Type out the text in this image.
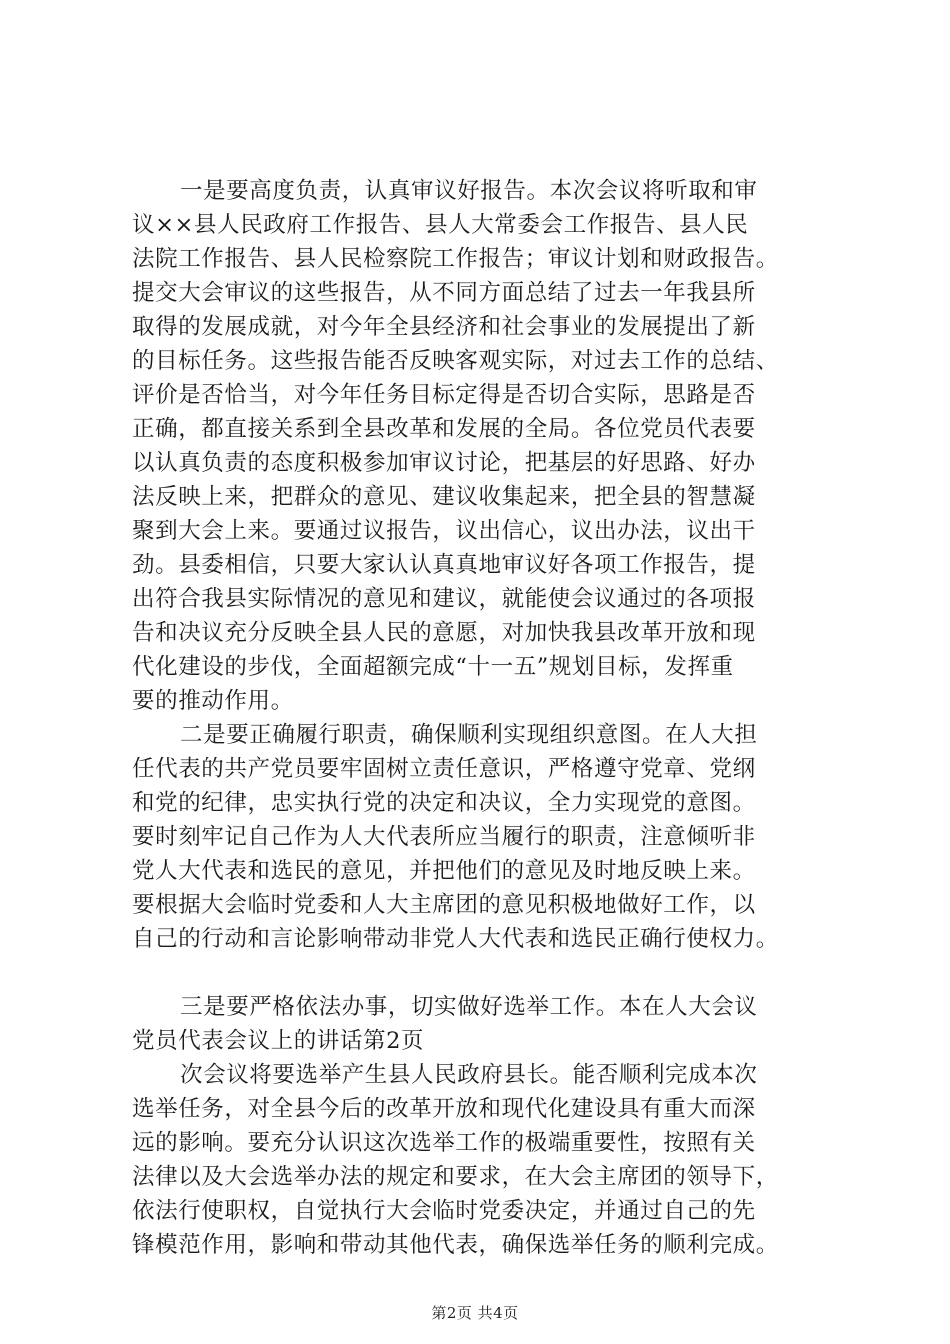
一是要高度负责，认真审议好报告。本次会议将听取和审
议××县人民政府工作报告、县人大常委会工作报告、县人民
法院工作报告、县人民检察院工作报告；审议计划和财政报告。
提交大会审议的这些报告，从不同方面总结了过去一年我县所
取得的发展成就，对今年全县经济和社会事业的发展提出了新
的目标任务。这些报告能否反映客观实际，对过去工作的总结、
评价是否恰当，对今年任务目标定得是否切合实际，思路是否
正确，都直接关系到全县改革和发展的全局。各位党员代表要
以认真负责的态度积极参加审议讨论，把基层的好思路、好办
法反映上来，把群众的意见、建议收集起来，把全县的智慧凝
聚到大会上来。要通过议报告，议出信心，议出办法，议出干
劲。县委相信，只要大家认认真真地审议好各项工作报告，提
出符合我县实际情况的意见和建议，就能使会议通过的各项报
告和决议充分反映全县人民的意愿，对加快我县改革开放和现
代化建设的步伐，全面超额完成“十一五”规划目标，发挥重
要的推动作用。
二是要正确履行职责，确保顺利实现组织意图。在人大担
任代表的共产党员要牢固树立责任意识，严格遵守党章、党纲
和党的纪律，忠实执行党的决定和决议，全力实现党的意图。
要时刻牢记自己作为人大代表所应当履行的职责，注意倾听非
党人大代表和选民的意见，并把他们的意见及时地反映上来。
要根据大会临时党委和人大主席团的意见积极地做好工作，以
自己的行动和言论影响带动非党人大代表和选民正确行使权力。
三是要严格依法办事，切实做好选举工作。本在人大会议
党员代表会议上的讲话第2页
次会议将要选举产生县人民政府县长。能否顺利完成本次
选举任务，对全县今后的改革开放和现代化建设具有重大而深
远的影响。要充分认识这次选举工作的极端重要性，按照有关
法律以及大会选举办法的规定和要求，在大会主席团的领导下，
依法行使职权，自觉执行大会临时党委决定，并通过自己的先
锋模范作用，影响和带动其他代表，确保选举任务的顺利完成。
第2页 共4页
